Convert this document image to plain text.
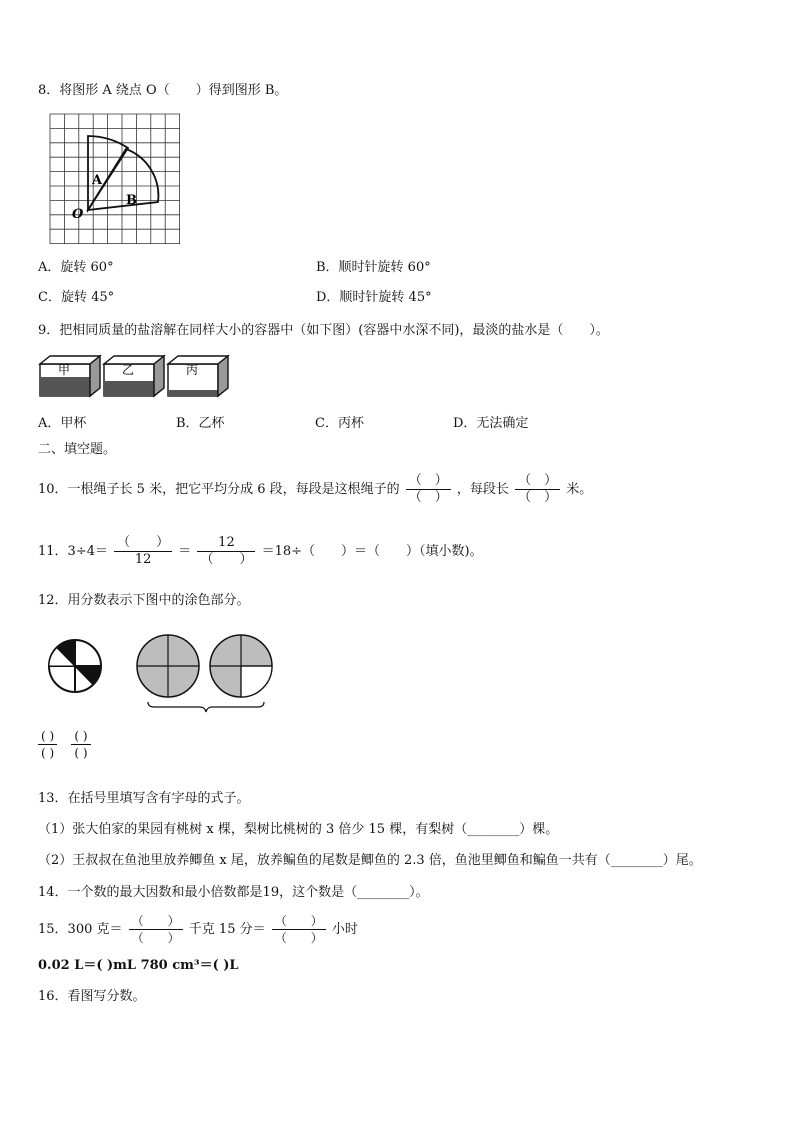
8．将图形 A 绕点 O（　　）得到图形 B。
A
B
O
A．旋转 60°	B．顺时针旋转 60°
C．旋转 45°	D．顺时针旋转 45°
9．把相同质量的盐溶解在同样大小的容器中（如下图）(容器中水深不同)，最淡的盐水是（　　）。
甲	乙	丙
A．甲杯	B．乙杯	C．丙杯	D．无法确定
二、填空题。
10．一根绳子长 5 米，把它平均分成 6 段，每段是这根绳子的 $\frac{( )}{( )}$ ，每段长 $\frac{( )}{( )}$ 米。
11．$3\div 4= \frac{( )}{12} = \frac{12}{( )} =18\div$（　　）＝（　　）（填小数)。
12．用分数表示下图中的涂色部分。
$\frac{( )}{( )}$
$\frac{( )}{( )}$
13．在括号里填写含有字母的式子。
（1）张大伯家的果园有桃树 x 棵，梨树比桃树的 3 倍少 15 棵，有梨树（________）棵。
（2）王叔叔在鱼池里放养鲫鱼 x 尾，放养鳊鱼的尾数是鲫鱼的 2.3 倍，鱼池里鲫鱼和鳊鱼一共有（________）尾。
14．一个数的最大因数和最小倍数都是19，这个数是（________）。
15．300 克＝ $\frac{( )}{( )}$ 千克 15 分＝ $\frac{( )}{( )}$ 小时
0.02 L＝( )mL 780 cm³＝( )L
16．看图写分数。
